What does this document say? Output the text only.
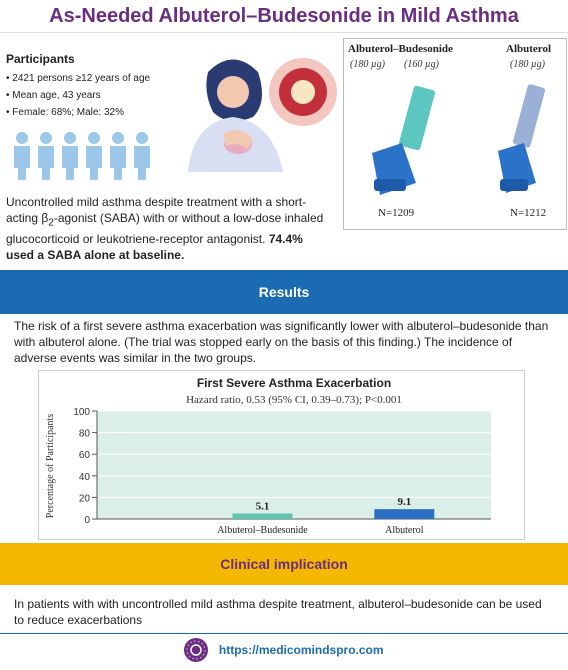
As-Needed Albuterol–Budesonide in Mild Asthma
Participants
• 2421 persons ≥12 years of age
• Mean age, 43 years
• Female: 68%; Male: 32%
Uncontrolled mild asthma despite treatment with a short-acting $\beta_2$-agonist (SABA) with or without a low-dose inhaled glucocorticoid or leukotriene-receptor antagonist. 74.4% used a SABA alone at baseline.
Albuterol–Budesonide
(180 µg) (160 µg)
Albuterol
(180 µg)
N=1209	N=1212
Results
The risk of a first severe asthma exacerbation was significantly lower with albuterol–budesonide than with albuterol alone. (The trial was stopped early on the basis of this finding.) The incidence of adverse events was similar in the two groups.
First Severe Asthma Exacerbation
Hazard ratio, 0.53 (95% CI, 0.39–0.73); P<0.001
Percentage of Participants
0
20
40
60
80
100
5.1
Albuterol–Budesonide
9.1
Albuterol
Clinical implication
In patients with with uncontrolled mild asthma despite treatment, albuterol–budesonide can be used to reduce exacerbations
https://medicomindspro.com
